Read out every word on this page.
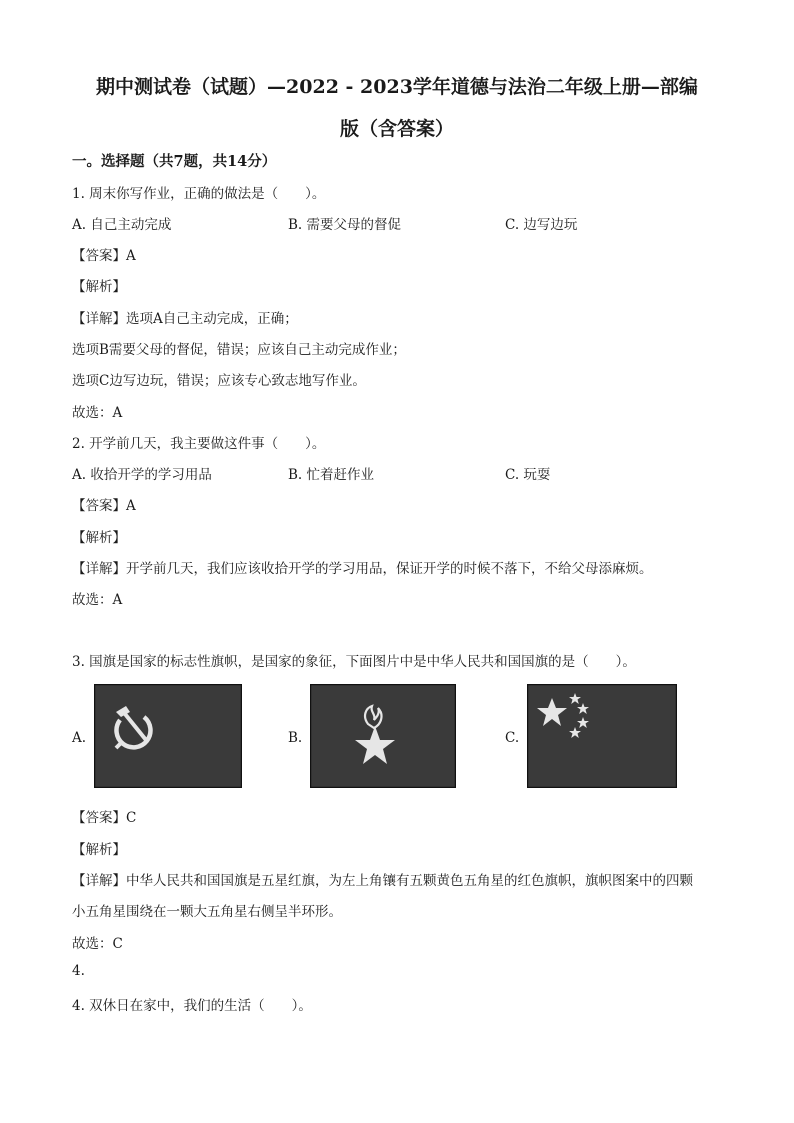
期中测试卷（试题）—2022 - 2023学年道德与法治二年级上册—部编
版（含答案）
一。选择题（共7题，共14分）
1. 周末你写作业，正确的做法是（　　）。
A. 自己主动完成	B. 需要父母的督促	C. 边写边玩
【答案】A
【解析】
【详解】选项A自己主动完成，正确；
选项B需要父母的督促，错误；应该自己主动完成作业；
选项C边写边玩，错误；应该专心致志地写作业。
故选：A
2. 开学前几天，我主要做这件事（　　）。
A. 收拾开学的学习用品	B. 忙着赶作业	C. 玩耍
【答案】A
【解析】
【详解】开学前几天，我们应该收拾开学的学习用品，保证开学的时候不落下，不给父母添麻烦。
故选：A
3. 国旗是国家的标志性旗帜，是国家的象征，下面图片中是中华人民共和国国旗的是（　　）。
A.	B.	C.
【答案】C
【解析】
【详解】中华人民共和国国旗是五星红旗，为左上角镶有五颗黄色五角星的红色旗帜，旗帜图案中的四颗
小五角星围绕在一颗大五角星右侧呈半环形。
故选：C
4.
4. 双休日在家中，我们的生活（　　）。
